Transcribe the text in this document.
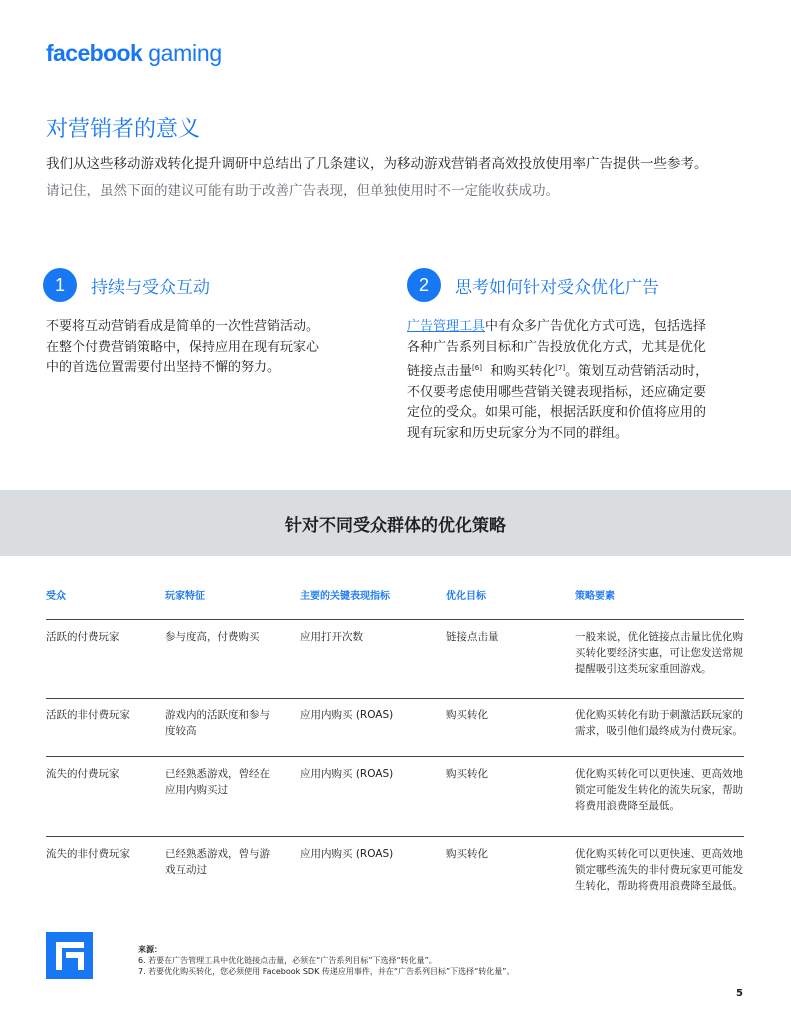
facebook gaming
对营销者的意义
我们从这些移动游戏转化提升调研中总结出了几条建议，为移动游戏营销者高效投放使用率广告提供一些参考。
请记住，虽然下面的建议可能有助于改善广告表现，但单独使用时不一定能收获成功。
1	持续与受众互动
不要将互动营销看成是简单的一次性营销活动。
在整个付费营销策略中，保持应用在现有玩家心
中的首选位置需要付出坚持不懈的努力。
2	思考如何针对受众优化广告
广告管理工具中有众多广告优化方式可选，包括选择
各种广告系列目标和广告投放优化方式，尤其是优化
链接点击量[6] 和购买转化[7]。策划互动营销活动时，
不仅要考虑使用哪些营销关键表现指标，还应确定要
定位的受众。如果可能，根据活跃度和价值将应用的
现有玩家和历史玩家分为不同的群组。
针对不同受众群体的优化策略
受众	玩家特征	主要的关键表现指标	优化目标	策略要素
活跃的付费玩家	参与度高，付费购买	应用打开次数	链接点击量	一般来说，优化链接点击量比优化购
买转化要经济实惠，可让您发送常规
提醒吸引这类玩家重回游戏。
活跃的非付费玩家	游戏内的活跃度和参与
度较高
应用内购买 (ROAS)	购买转化	优化购买转化有助于刺激活跃玩家的
需求，吸引他们最终成为付费玩家。
流失的付费玩家	已经熟悉游戏，曾经在
应用内购买过
应用内购买 (ROAS)	购买转化	优化购买转化可以更快速、更高效地
锁定可能发生转化的流失玩家，帮助
将费用浪费降至最低。
流失的非付费玩家	已经熟悉游戏，曾与游
戏互动过
应用内购买 (ROAS)	购买转化	优化购买转化可以更快速、更高效地
锁定哪些流失的非付费玩家更可能发
生转化，帮助将费用浪费降至最低。
来源：
6. 若要在广告管理工具中优化链接点击量，必须在“广告系列目标”下选择“转化量”。
7. 若要优化购买转化，您必须使用 Facebook SDK 传递应用事件，并在“广告系列目标”下选择“转化量”。
5
